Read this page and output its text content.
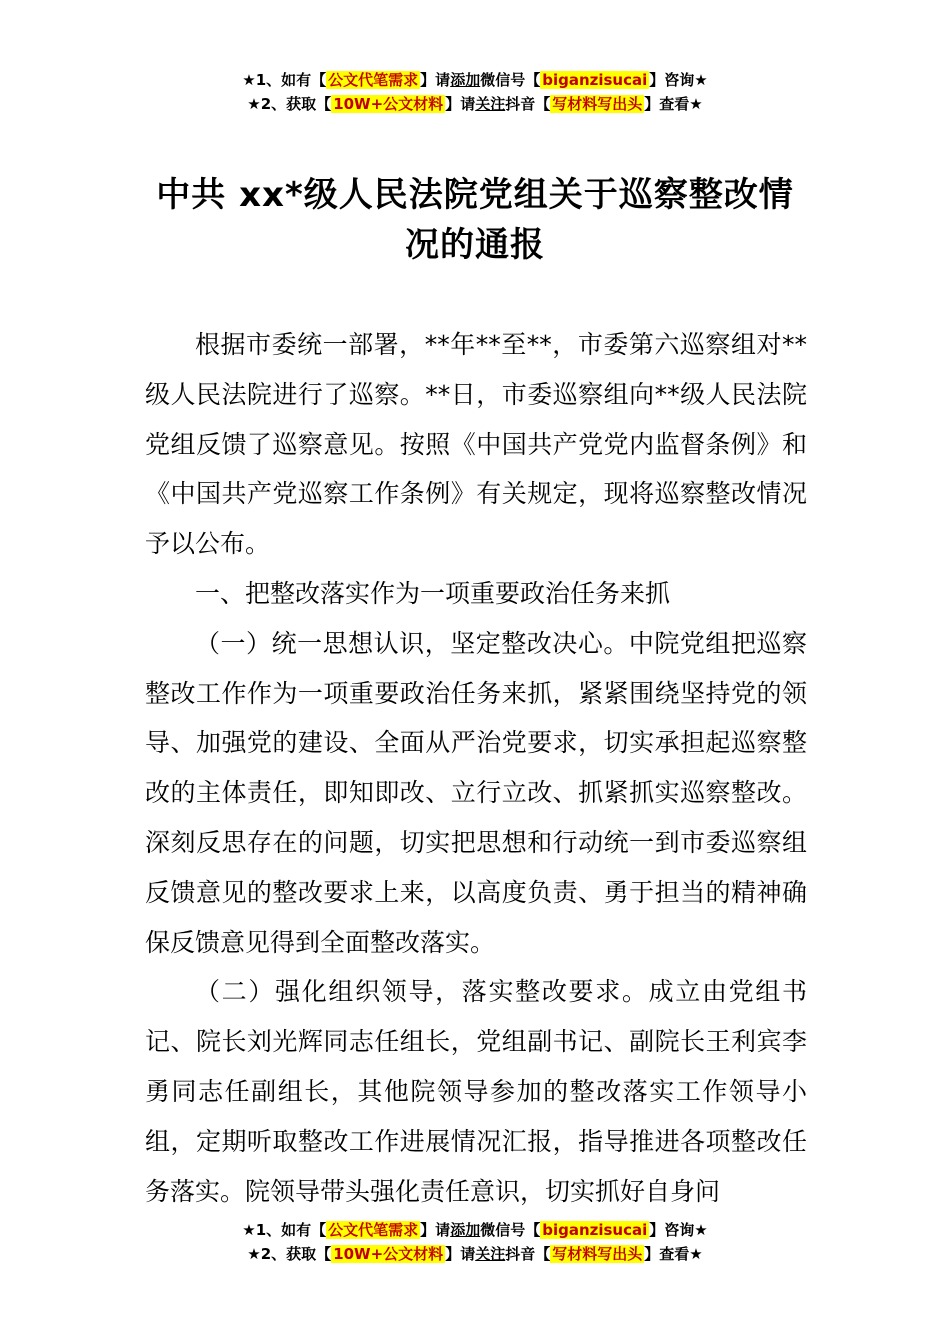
★1、如有【 公文代笔需求 】请添加微信号【 biganzisucai 】咨询★
★2、获取【 10W+公文材料 】请关注抖音【 写材料写出头 】查看★
中共 xx*级人民法院党组关于巡察整改情况的通报

根据市委统一部署，**年**至**，市委第六巡察组对**级人民法院进行了巡察。**日，市委巡察组向**级人民法院党组反馈了巡察意见。按照《中国共产党党内监督条例》和《中国共产党巡察工作条例》有关规定，现将巡察整改情况予以公布。

一、把整改落实作为一项重要政治任务来抓

（一）统一思想认识，坚定整改决心。中院党组把巡察整改工作作为一项重要政治任务来抓，紧紧围绕坚持党的领导、加强党的建设、全面从严治党要求，切实承担起巡察整改的主体责任，即知即改、立行立改、抓紧抓实巡察整改。深刻反思存在的问题，切实把思想和行动统一到市委巡察组反馈意见的整改要求上来，以高度负责、勇于担当的精神确保反馈意见得到全面整改落实。

（二）强化组织领导，落实整改要求。成立由党组书记、院长刘光辉同志任组长，党组副书记、副院长王利宾李勇同志任副组长，其他院领导参加的整改落实工作领导小组，定期听取整改工作进展情况汇报，指导推进各项整改任务落实。院领导带头强化责任意识，切实抓好自身问

★1、如有【 公文代笔需求 】请添加微信号【 biganzisucai 】咨询★
★2、获取【 10W+公文材料 】请关注抖音【 写材料写出头 】查看★
